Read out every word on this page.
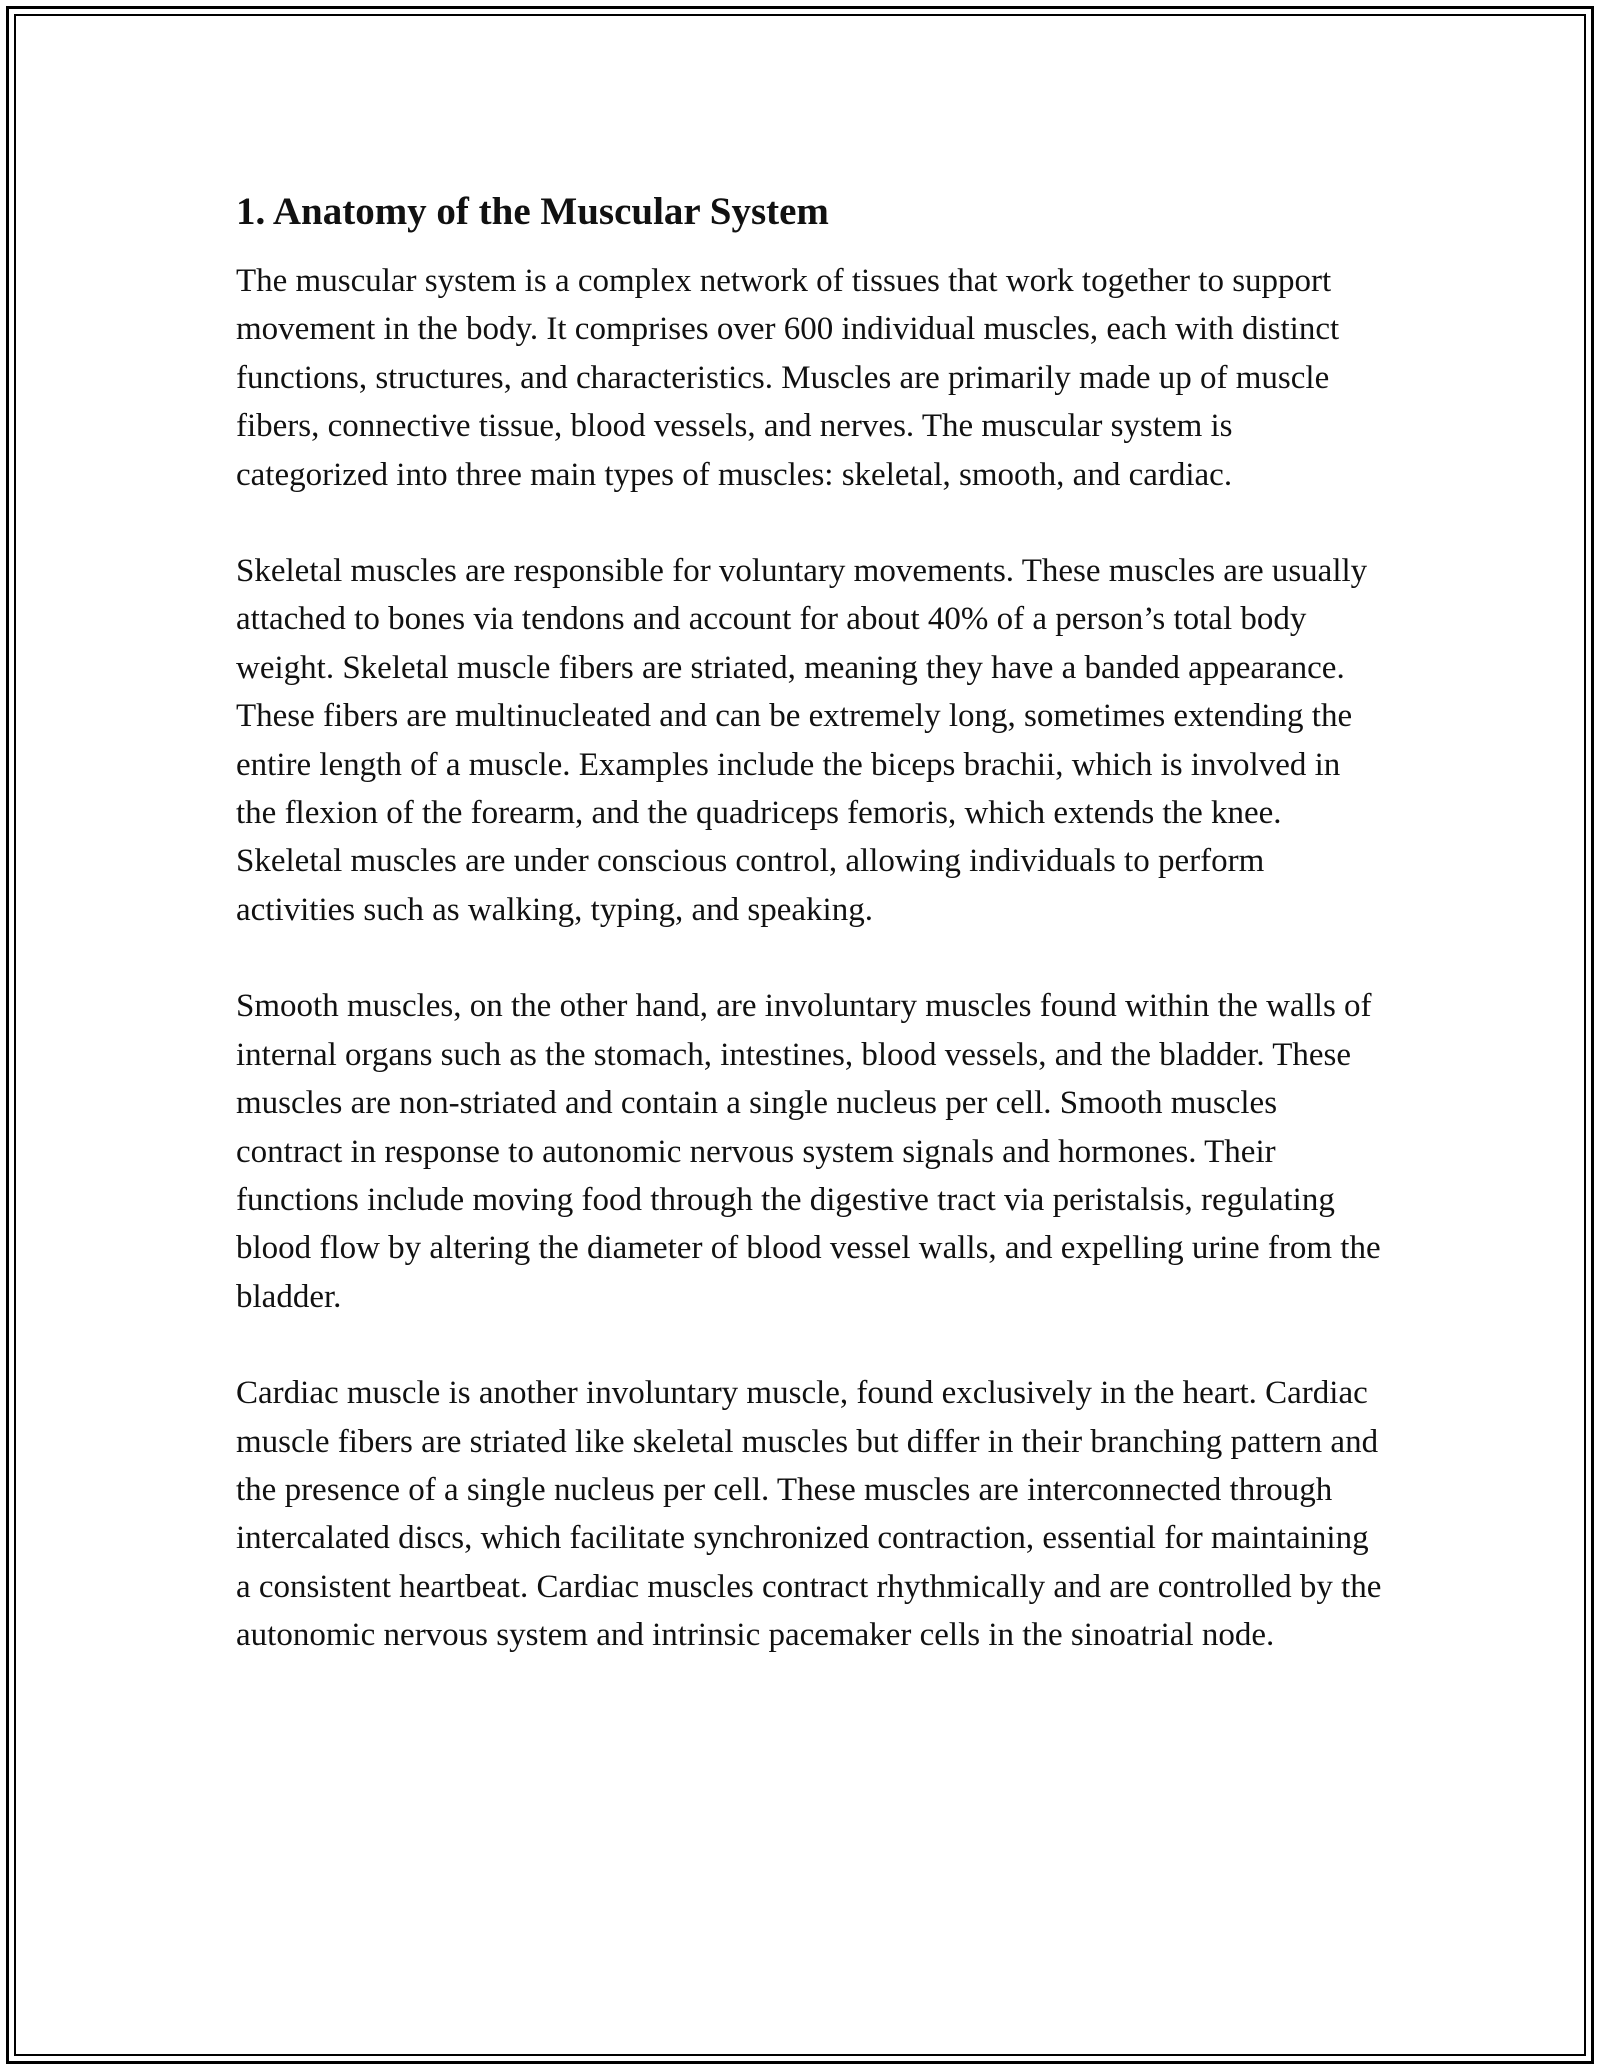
1. Anatomy of the Muscular System

The muscular system is a complex network of tissues that work together to support movement in the body. It comprises over 600 individual muscles, each with distinct functions, structures, and characteristics. Muscles are primarily made up of muscle fibers, connective tissue, blood vessels, and nerves. The muscular system is categorized into three main types of muscles: skeletal, smooth, and cardiac.

Skeletal muscles are responsible for voluntary movements. These muscles are usually attached to bones via tendons and account for about 40% of a person’s total body weight. Skeletal muscle fibers are striated, meaning they have a banded appearance. These fibers are multinucleated and can be extremely long, sometimes extending the entire length of a muscle. Examples include the biceps brachii, which is involved in the flexion of the forearm, and the quadriceps femoris, which extends the knee. Skeletal muscles are under conscious control, allowing individuals to perform activities such as walking, typing, and speaking.

Smooth muscles, on the other hand, are involuntary muscles found within the walls of internal organs such as the stomach, intestines, blood vessels, and the bladder. These muscles are non-striated and contain a single nucleus per cell. Smooth muscles contract in response to autonomic nervous system signals and hormones. Their functions include moving food through the digestive tract via peristalsis, regulating blood flow by altering the diameter of blood vessel walls, and expelling urine from the bladder.

Cardiac muscle is another involuntary muscle, found exclusively in the heart. Cardiac muscle fibers are striated like skeletal muscles but differ in their branching pattern and the presence of a single nucleus per cell. These muscles are interconnected through intercalated discs, which facilitate synchronized contraction, essential for maintaining a consistent heartbeat. Cardiac muscles contract rhythmically and are controlled by the autonomic nervous system and intrinsic pacemaker cells in the sinoatrial node.
